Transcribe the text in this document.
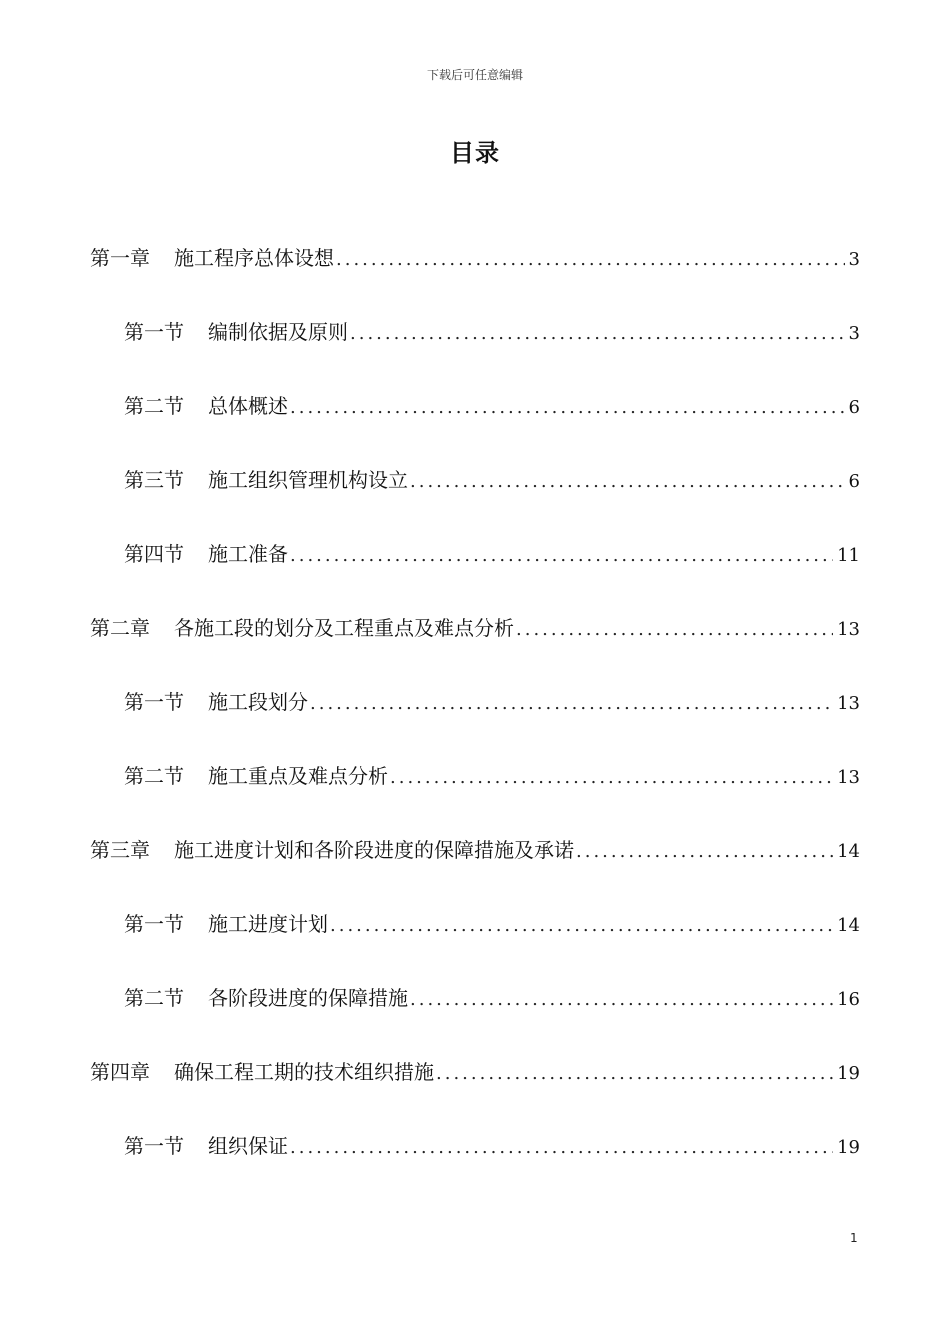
下载后可任意编辑
目录
第一章 施工程序总体设想 .....	3
第一节 编制依据及原则 .....	3
第二节 总体概述 .....	6
第三节 施工组织管理机构设立 .....	6
第四节 施工准备 .....	11
第二章 各施工段的划分及工程重点及难点分析 .....	13
第一节 施工段划分 .....	13
第二节 施工重点及难点分析 .....	13
第三章 施工进度计划和各阶段进度的保障措施及承诺 .....	14
第一节 施工进度计划 .....	14
第二节 各阶段进度的保障措施 .....	16
第四章 确保工程工期的技术组织措施 .....	19
第一节 组织保证 .....	19
1
